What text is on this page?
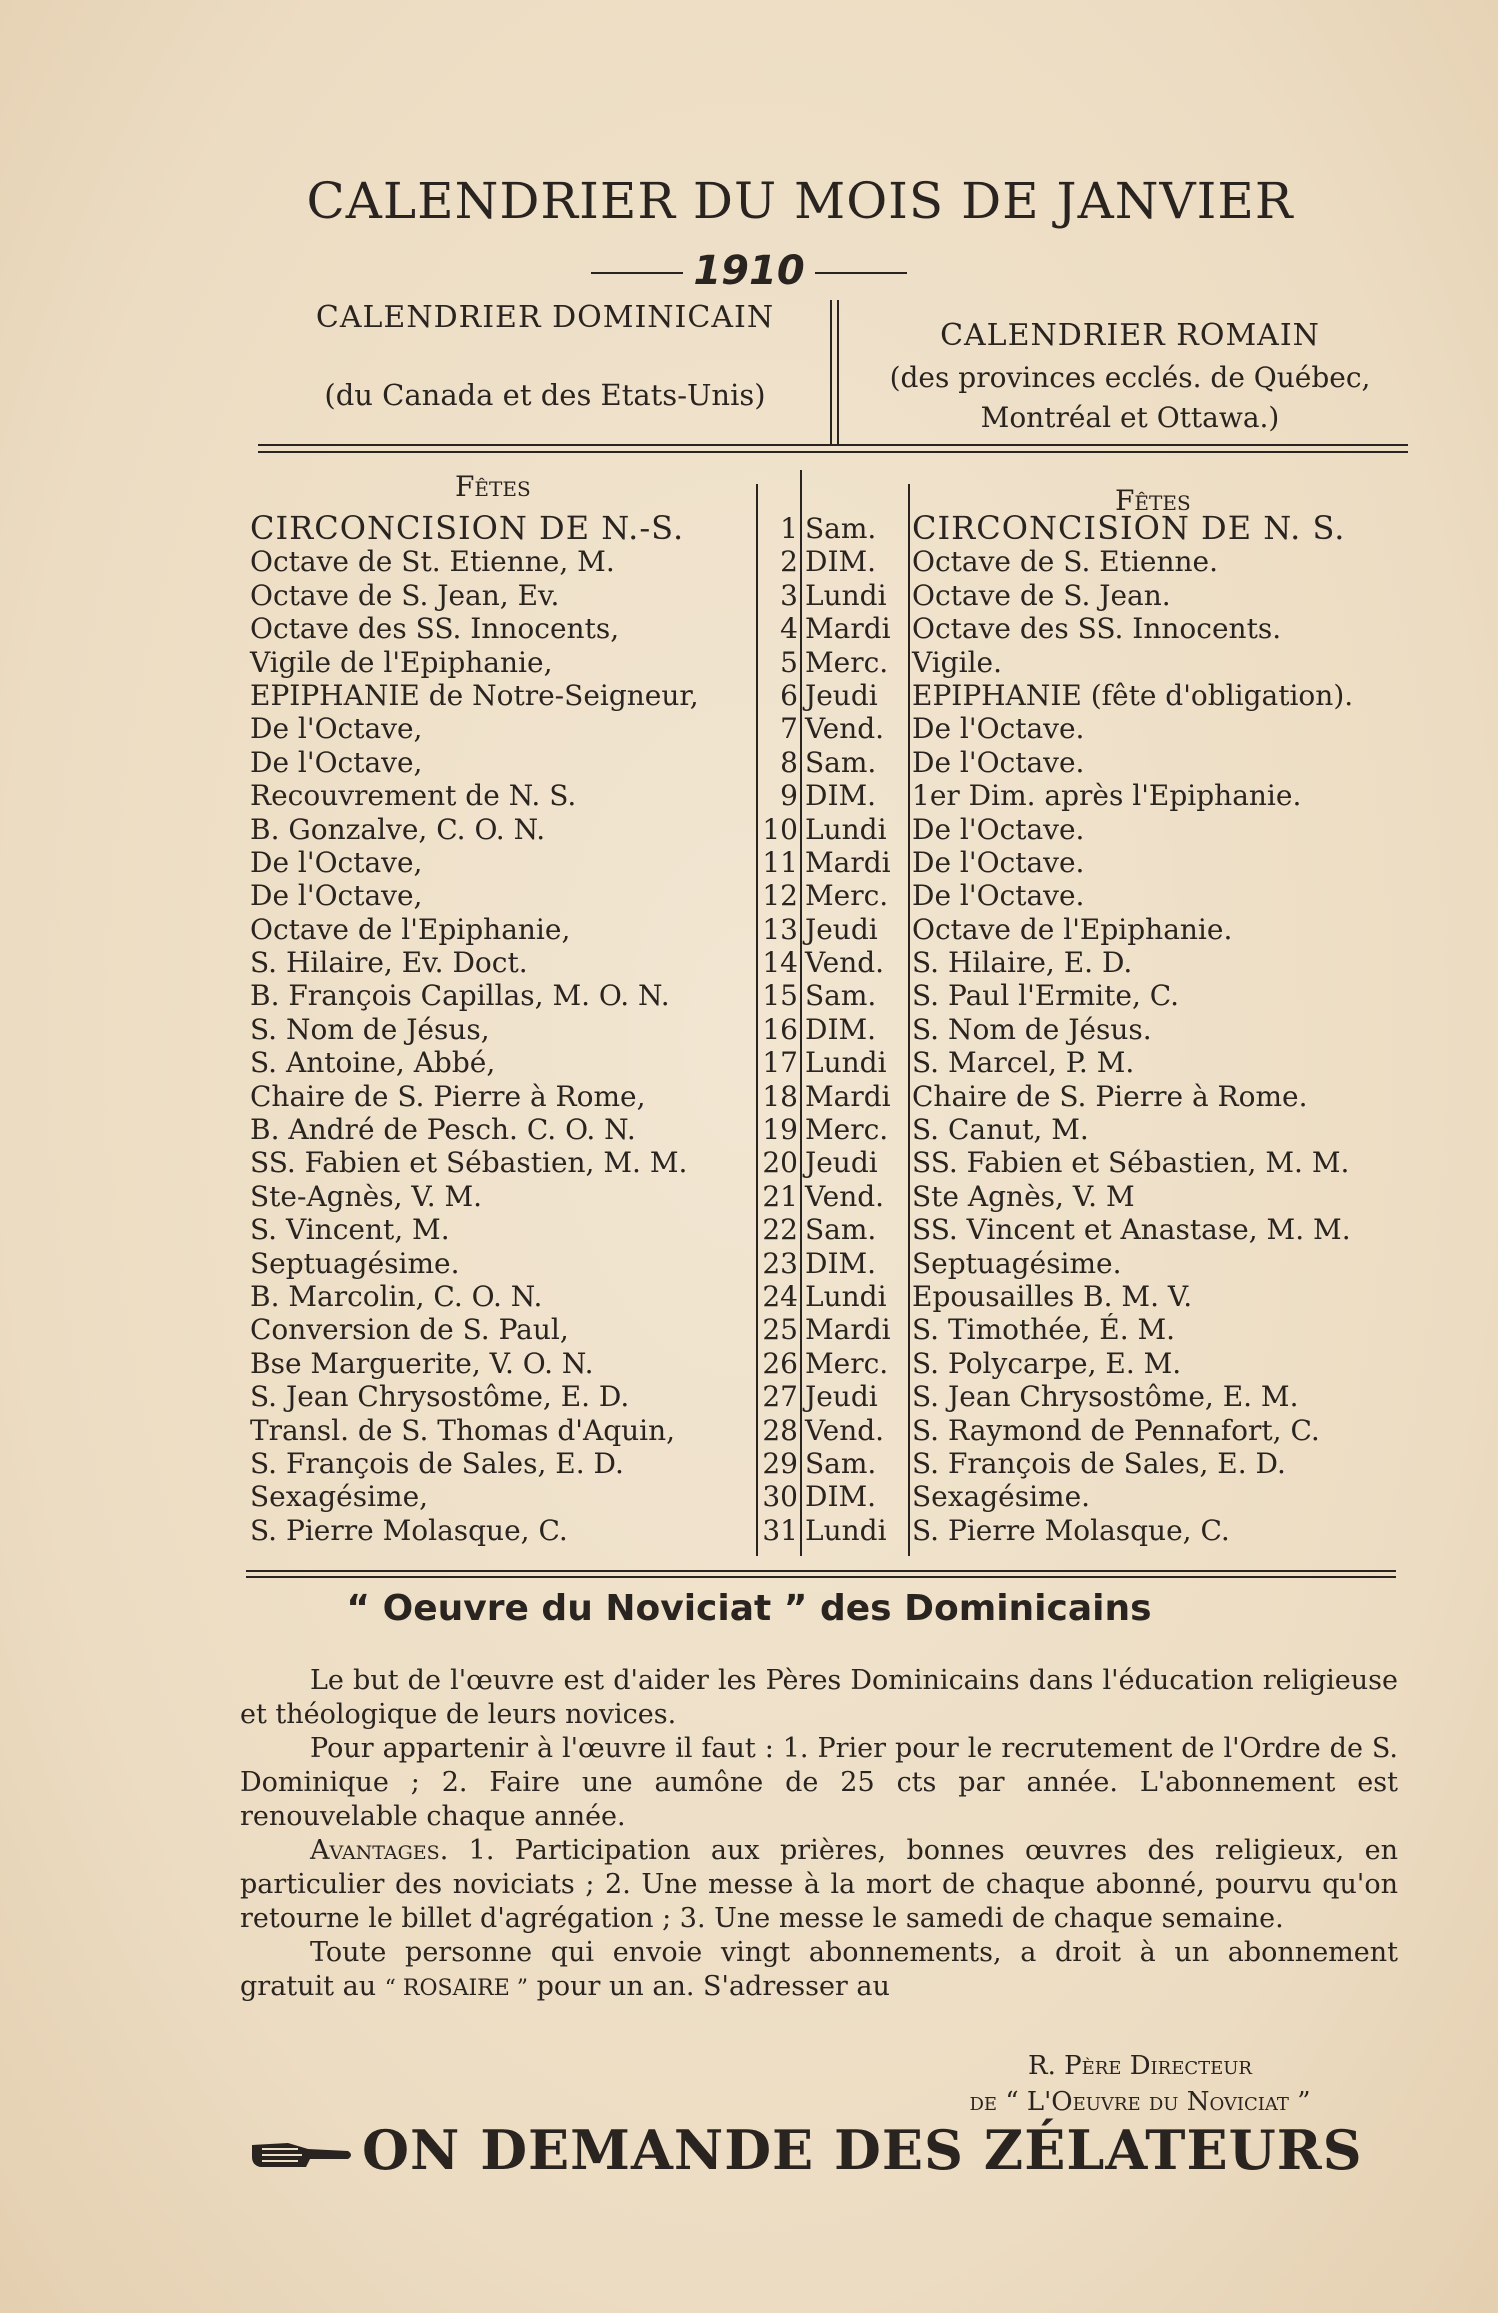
CALENDRIER DU MOIS DE JANVIER
1910
CALENDRIER DOMINICAIN
(du Canada et des Etats-Unis)
CALENDRIER ROMAIN
(des provinces ecclés. de Québec,
Montréal et Ottawa.)
Fêtes	Fêtes
CIRCONCISION DE N.-S.
Octave de St. Etienne, M.
Octave de S. Jean, Ev.
Octave des SS. Innocents,
Vigile de l'Epiphanie,
EPIPHANIE de Notre-Seigneur,
De l'Octave,
De l'Octave,
Recouvrement de N. S.
B. Gonzalve, C. O. N.
De l'Octave,
De l'Octave,
Octave de l'Epiphanie,
S. Hilaire, Ev. Doct.
B. François Capillas, M. O. N.
S. Nom de Jésus,
S. Antoine, Abbé,
Chaire de S. Pierre à Rome,
B. André de Pesch. C. O. N.
SS. Fabien et Sébastien, M. M.
Ste-Agnès, V. M.
S. Vincent, M.
Septuagésime.
B. Marcolin, C. O. N.
Conversion de S. Paul,
Bse Marguerite, V. O. N.
S. Jean Chrysostôme, E. D.
Transl. de S. Thomas d'Aquin,
S. François de Sales, E. D.
Sexagésime,
S. Pierre Molasque, C.
1
2
3
4
5
6
7
8
9
10
11
12
13
14
15
16
17
18
19
20
21
22
23
24
25
26
27
28
29
30
31
Sam.
DIM.
Lundi
Mardi
Merc.
Jeudi
Vend.
Sam.
DIM.
Lundi
Mardi
Merc.
Jeudi
Vend.
Sam.
DIM.
Lundi
Mardi
Merc.
Jeudi
Vend.
Sam.
DIM.
Lundi
Mardi
Merc.
Jeudi
Vend.
Sam.
DIM.
Lundi
CIRCONCISION DE N. S.
Octave de S. Etienne.
Octave de S. Jean.
Octave des SS. Innocents.
Vigile.
EPIPHANIE (fête d'obligation).
De l'Octave.
De l'Octave.
1er Dim. après l'Epiphanie.
De l'Octave.
De l'Octave.
De l'Octave.
Octave de l'Epiphanie.
S. Hilaire, E. D.
S. Paul l'Ermite, C.
S. Nom de Jésus.
S. Marcel, P. M.
Chaire de S. Pierre à Rome.
S. Canut, M.
SS. Fabien et Sébastien, M. M.
Ste Agnès, V. M
SS. Vincent et Anastase, M. M.
Septuagésime.
Epousailles B. M. V.
S. Timothée, É. M.
S. Polycarpe, E. M.
S. Jean Chrysostôme, E. M.
S. Raymond de Pennafort, C.
S. François de Sales, E. D.
Sexagésime.
S. Pierre Molasque, C.
“ Oeuvre du Noviciat ” des Dominicains

Le but de l'œuvre est d'aider les Pères Dominicains dans l'éducation religieuse et théologique de leurs novices.

Pour appartenir à l'œuvre il faut : 1. Prier pour le recrutement de l'Ordre de S. Dominique ; 2. Faire une aumône de 25 cts par année. L'abonnement est renouvelable chaque année.

Avantages. 1. Participation aux prières, bonnes œuvres des religieux, en particulier des noviciats ; 2. Une messe à la mort de chaque abonné, pourvu qu'on retourne le billet d'agrégation ; 3. Une messe le samedi de chaque semaine.

Toute personne qui envoie vingt abonnements, a droit à un abonnement gratuit au “ ROSAIRE ” pour un an. S'adresser au

R. Père Directeur
de “ L'Oeuvre du Noviciat ”
ON DEMANDE DES ZÉLATEURS
